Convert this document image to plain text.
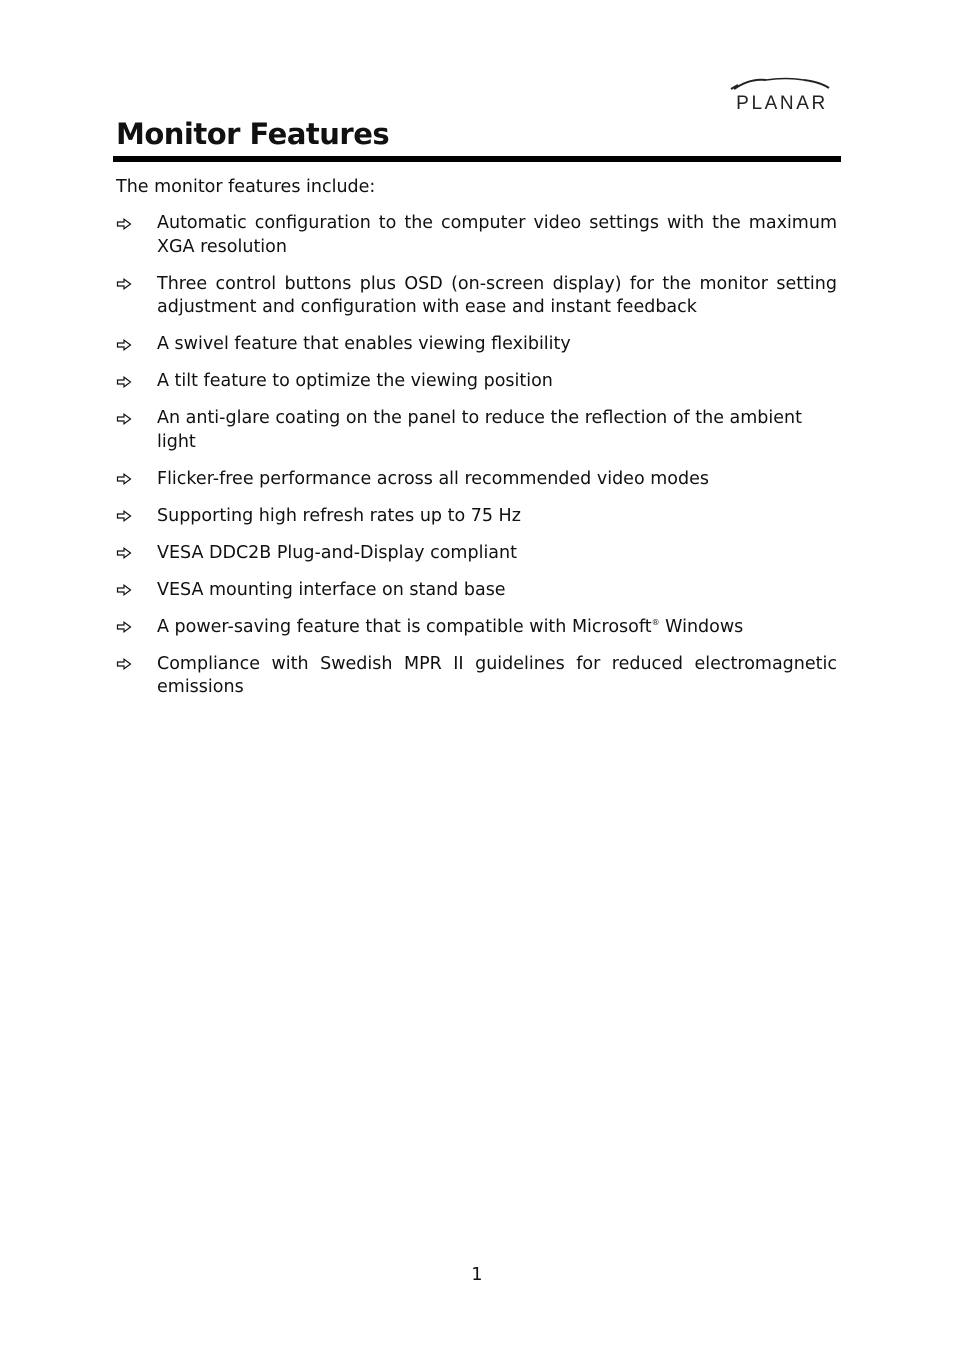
PLANAR
Monitor Features

The monitor features include:

Automatic configuration to the computer video settings with the maximum XGA resolution
Three control buttons plus OSD (on-screen display) for the monitor setting adjustment and configuration with ease and instant feedback
A swivel feature that enables viewing flexibility
A tilt feature to optimize the viewing position
An anti-glare coating on the panel to reduce the reflection of the ambient light
Flicker-free performance across all recommended video modes
Supporting high refresh rates up to 75 Hz
VESA DDC2B Plug-and-Display compliant
VESA mounting interface on stand base
A power-saving feature that is compatible with Microsoft® Windows
Compliance with Swedish MPR II guidelines for reduced electromagnetic emissions
1
